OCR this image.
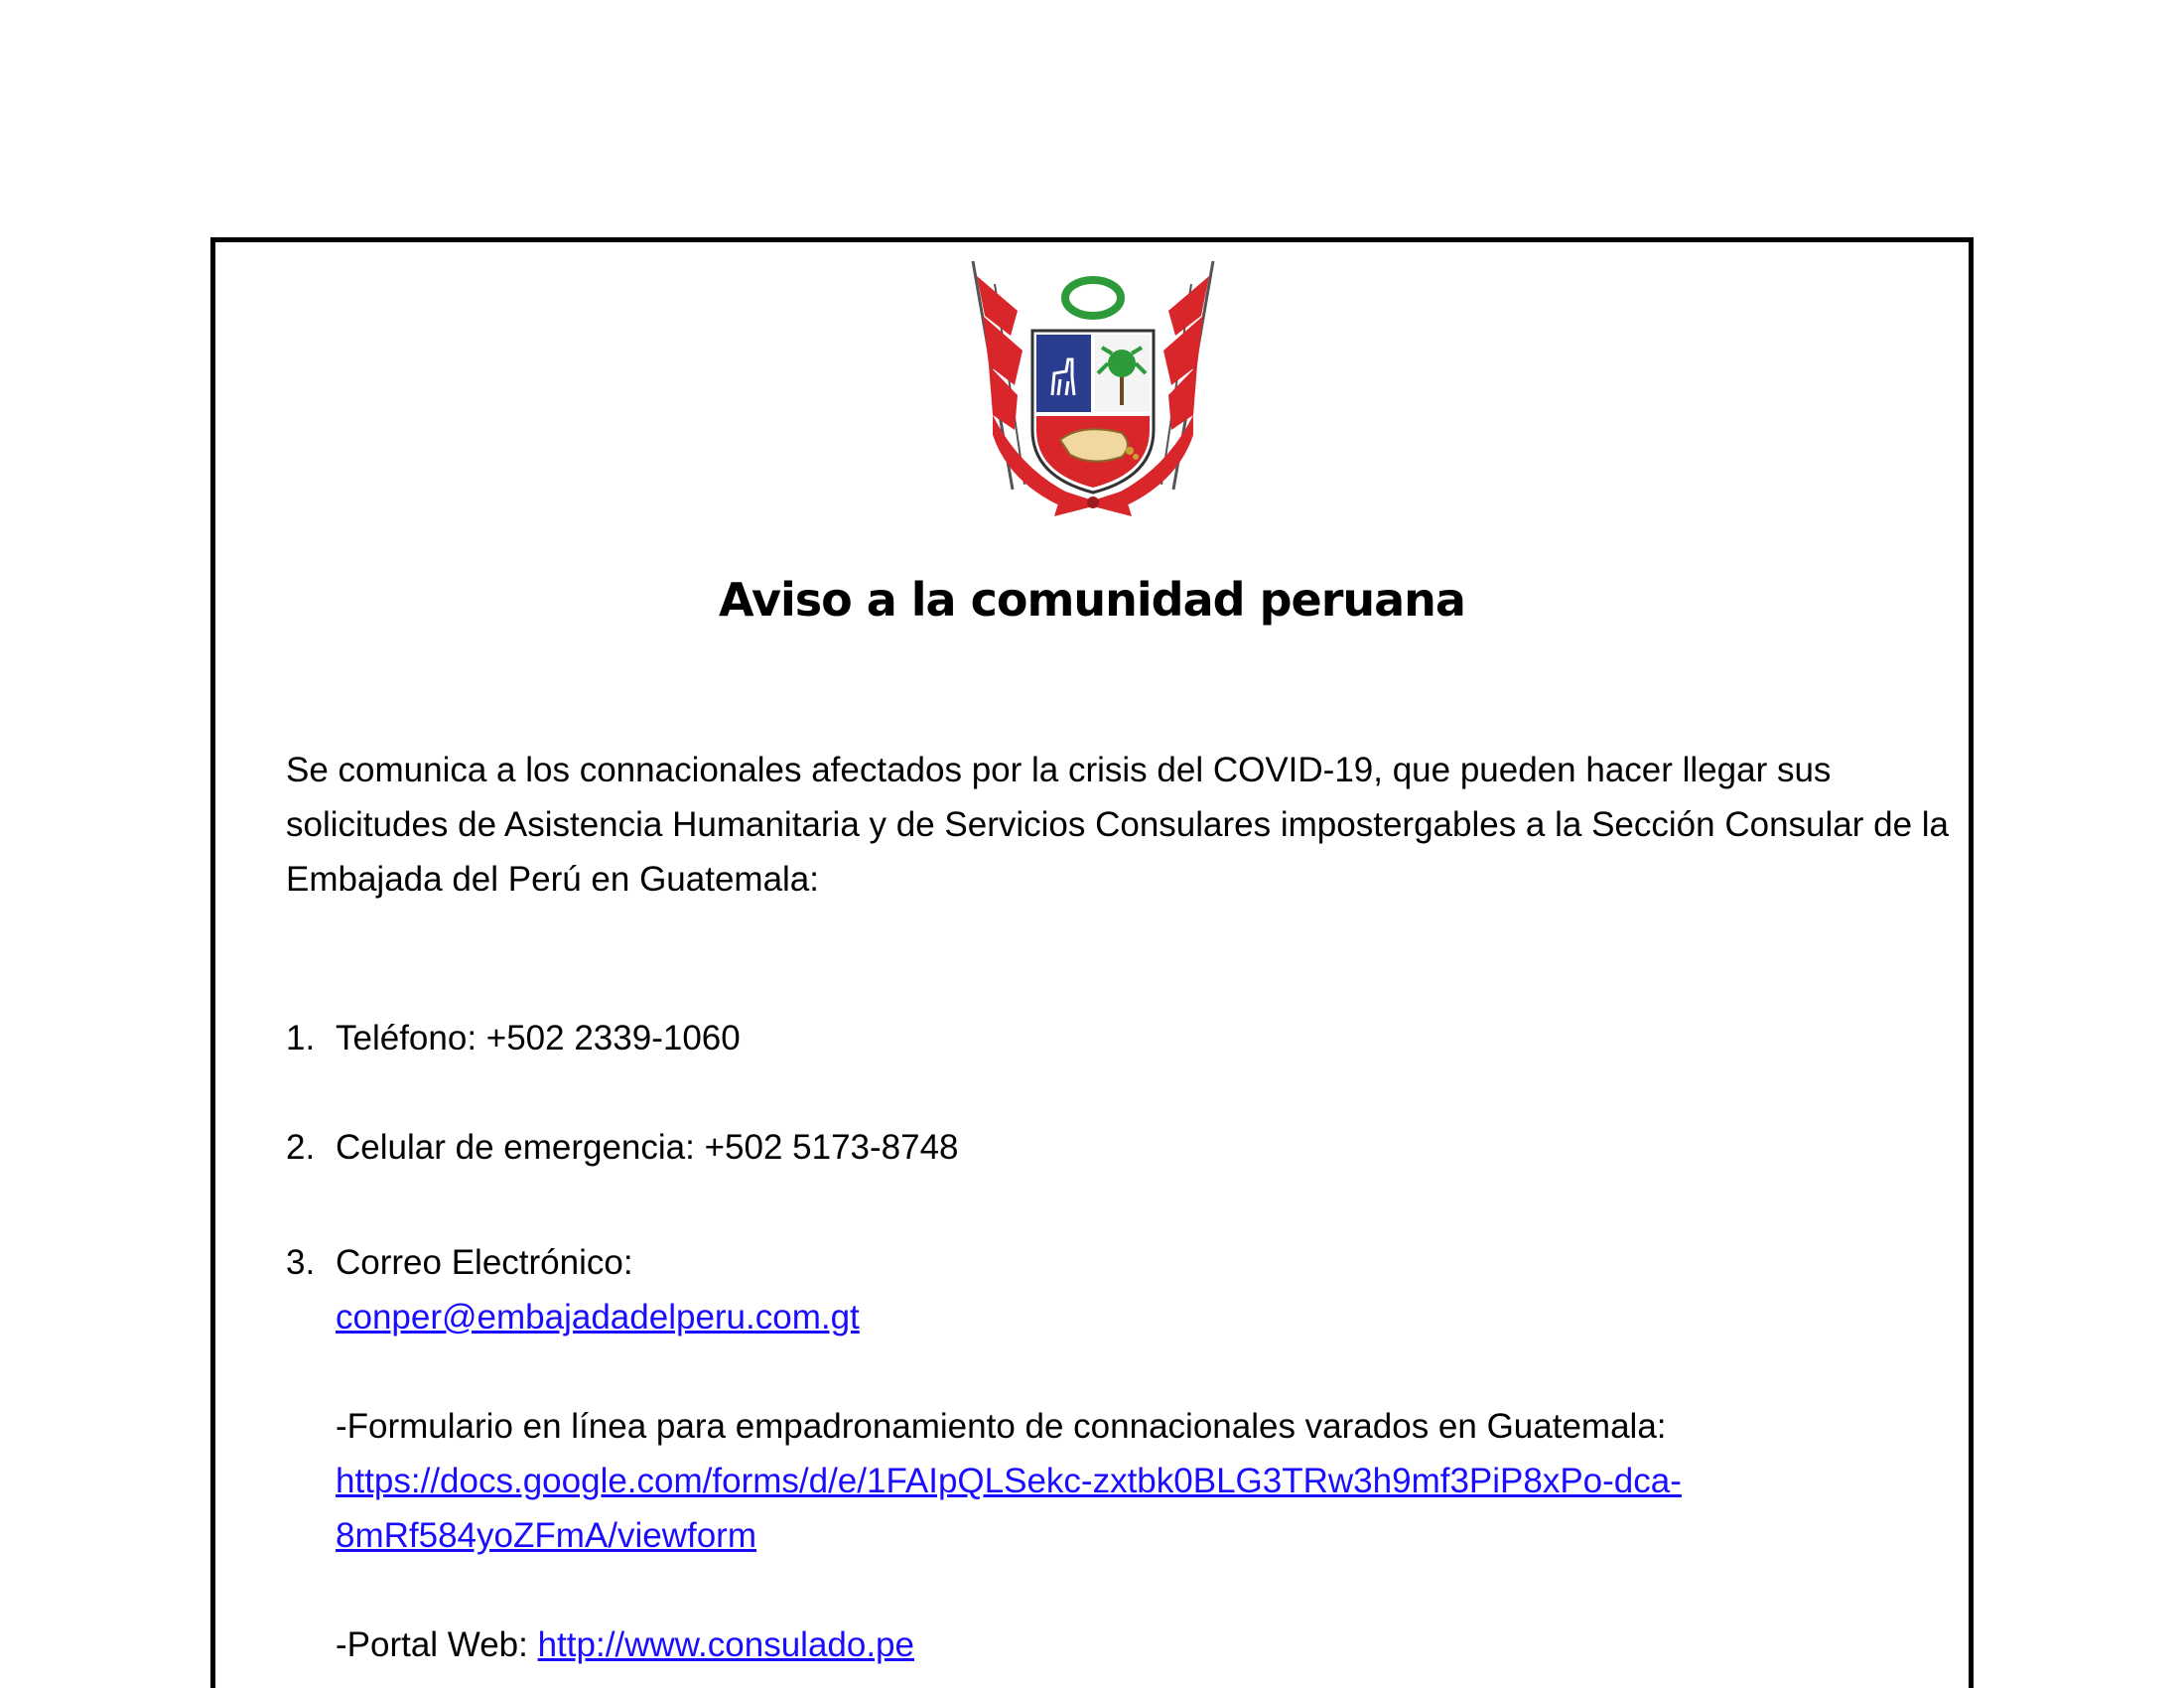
Aviso a la comunidad peruana
Se comunica a los connacionales afectados por la crisis del COVID-19, que pueden hacer llegar sus
solicitudes de Asistencia Humanitaria y de Servicios Consulares impostergables a la Sección Consular de la
Embajada del Perú en Guatemala:
1. Teléfono: +502 2339-1060
2. Celular de emergencia: +502 5173-8748
3. Correo Electrónico:
conper@embajadadelperu.com.gt
-Formulario en línea para empadronamiento de connacionales varados en Guatemala:
https://docs.google.com/forms/d/e/1FAIpQLSekc-zxtbk0BLG3TRw3h9mf3PiP8xPo-dca-
8mRf584yoZFmA/viewform
-Portal Web: http://www.consulado.pe
